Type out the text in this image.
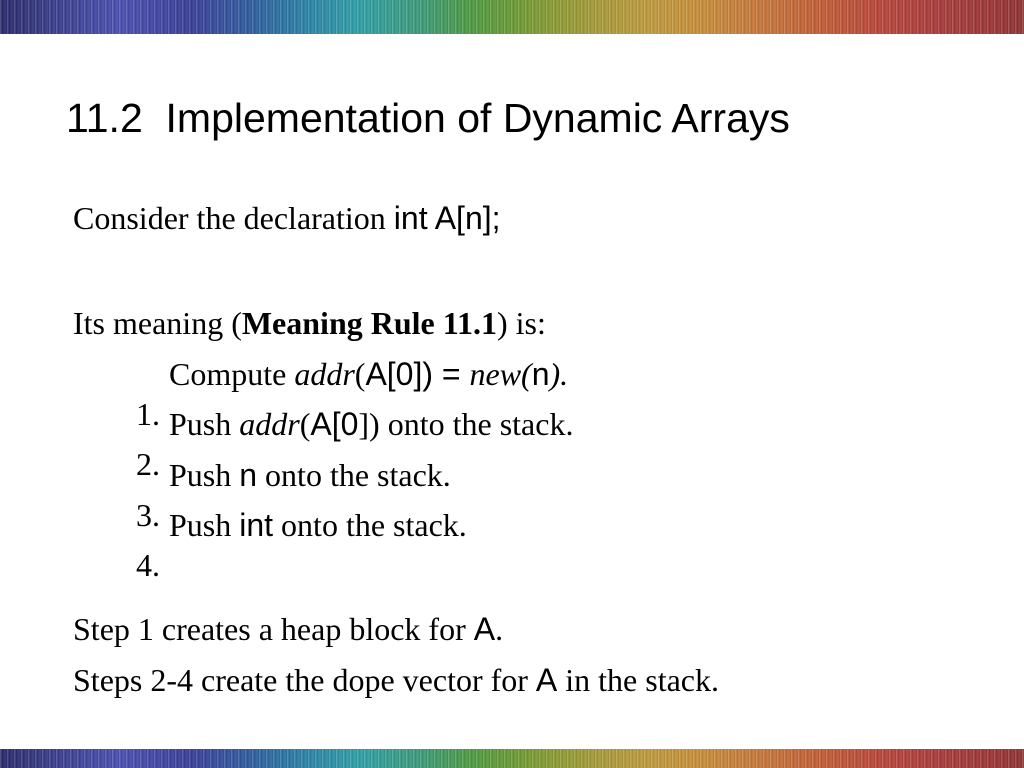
11.2  Implementation of Dynamic Arrays
Consider the declaration int A[n];
Its meaning (Meaning Rule 11.1) is:

1.

Compute addr(A[0]) = new(n).

2.

Push addr(A[0]) onto the stack.

3.

Push n onto the stack.

4.

Push int onto the stack.

Step 1 creates a heap block for A.
Steps 2-4 create the dope vector for A in the stack.
